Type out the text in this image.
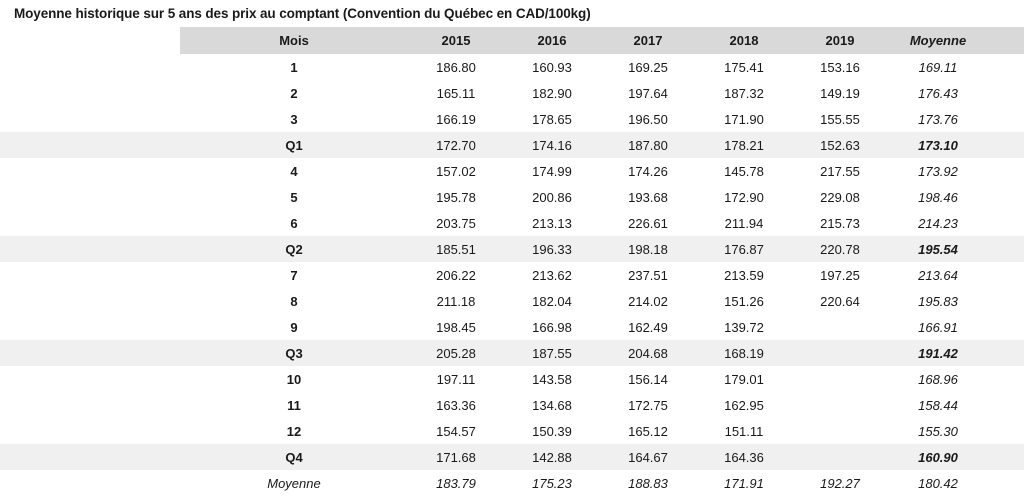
Moyenne historique sur 5 ans des prix au comptant (Convention du Québec en CAD/100kg)
	Mois	2015	2016	2017	2018	2019	Moyenne	
	1	186.80	160.93	169.25	175.41	153.16	169.11	
	2	165.11	182.90	197.64	187.32	149.19	176.43	
	3	166.19	178.65	196.50	171.90	155.55	173.76	
	Q1	172.70	174.16	187.80	178.21	152.63	173.10	
	4	157.02	174.99	174.26	145.78	217.55	173.92	
	5	195.78	200.86	193.68	172.90	229.08	198.46	
	6	203.75	213.13	226.61	211.94	215.73	214.23	
	Q2	185.51	196.33	198.18	176.87	220.78	195.54	
	7	206.22	213.62	237.51	213.59	197.25	213.64	
	8	211.18	182.04	214.02	151.26	220.64	195.83	
	9	198.45	166.98	162.49	139.72		166.91	
	Q3	205.28	187.55	204.68	168.19		191.42	
	10	197.11	143.58	156.14	179.01		168.96	
	11	163.36	134.68	172.75	162.95		158.44	
	12	154.57	150.39	165.12	151.11		155.30	
	Q4	171.68	142.88	164.67	164.36		160.90	
	Moyenne	183.79	175.23	188.83	171.91	192.27	180.42	
